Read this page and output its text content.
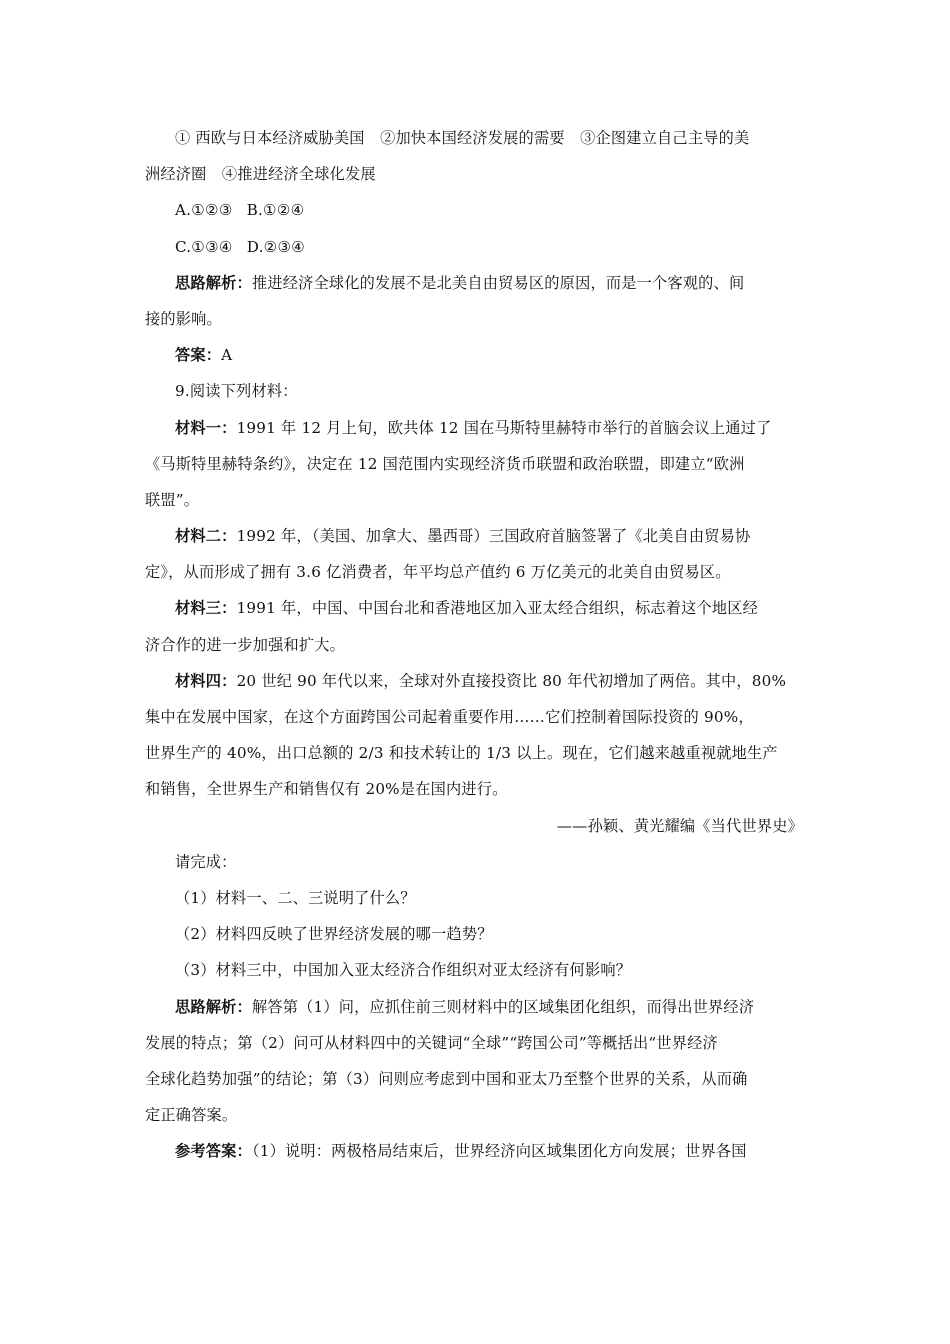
① 西欧与日本经济威胁美国　②加快本国经济发展的需要　③企图建立自己主导的美
洲经济圈　④推进经济全球化发展
A.①②③ B.①②④
C.①③④ D.②③④
思路解析：推进经济全球化的发展不是北美自由贸易区的原因，而是一个客观的、间
接的影响。
答案：A
9.阅读下列材料：
材料一：1991 年 12 月上旬，欧共体 12 国在马斯特里赫特市举行的首脑会议上通过了
《马斯特里赫特条约》，决定在 12 国范围内实现经济货币联盟和政治联盟，即建立“欧洲
联盟”。
材料二：1992 年，（美国、加拿大、墨西哥）三国政府首脑签署了《北美自由贸易协
定》，从而形成了拥有 3.6 亿消费者，年平均总产值约 6 万亿美元的北美自由贸易区。
材料三：1991 年，中国、中国台北和香港地区加入亚太经合组织，标志着这个地区经
济合作的进一步加强和扩大。
材料四：20 世纪 90 年代以来，全球对外直接投资比 80 年代初增加了两倍。其中，80%
集中在发展中国家，在这个方面跨国公司起着重要作用……它们控制着国际投资的 90%，
世界生产的 40%，出口总额的 2/3 和技术转让的 1/3 以上。现在，它们越来越重视就地生产
和销售，全世界生产和销售仅有 20%是在国内进行。
——孙颖、黄光耀编《当代世界史》
请完成：
（1）材料一、二、三说明了什么？
（2）材料四反映了世界经济发展的哪一趋势？
（3）材料三中，中国加入亚太经济合作组织对亚太经济有何影响？
思路解析：解答第（1）问，应抓住前三则材料中的区域集团化组织，而得出世界经济
发展的特点；第（2）问可从材料四中的关键词“全球”“跨国公司”等概括出“世界经济
全球化趋势加强”的结论；第（3）问则应考虑到中国和亚太乃至整个世界的关系，从而确
定正确答案。
参考答案：（1）说明：两极格局结束后，世界经济向区域集团化方向发展；世界各国
